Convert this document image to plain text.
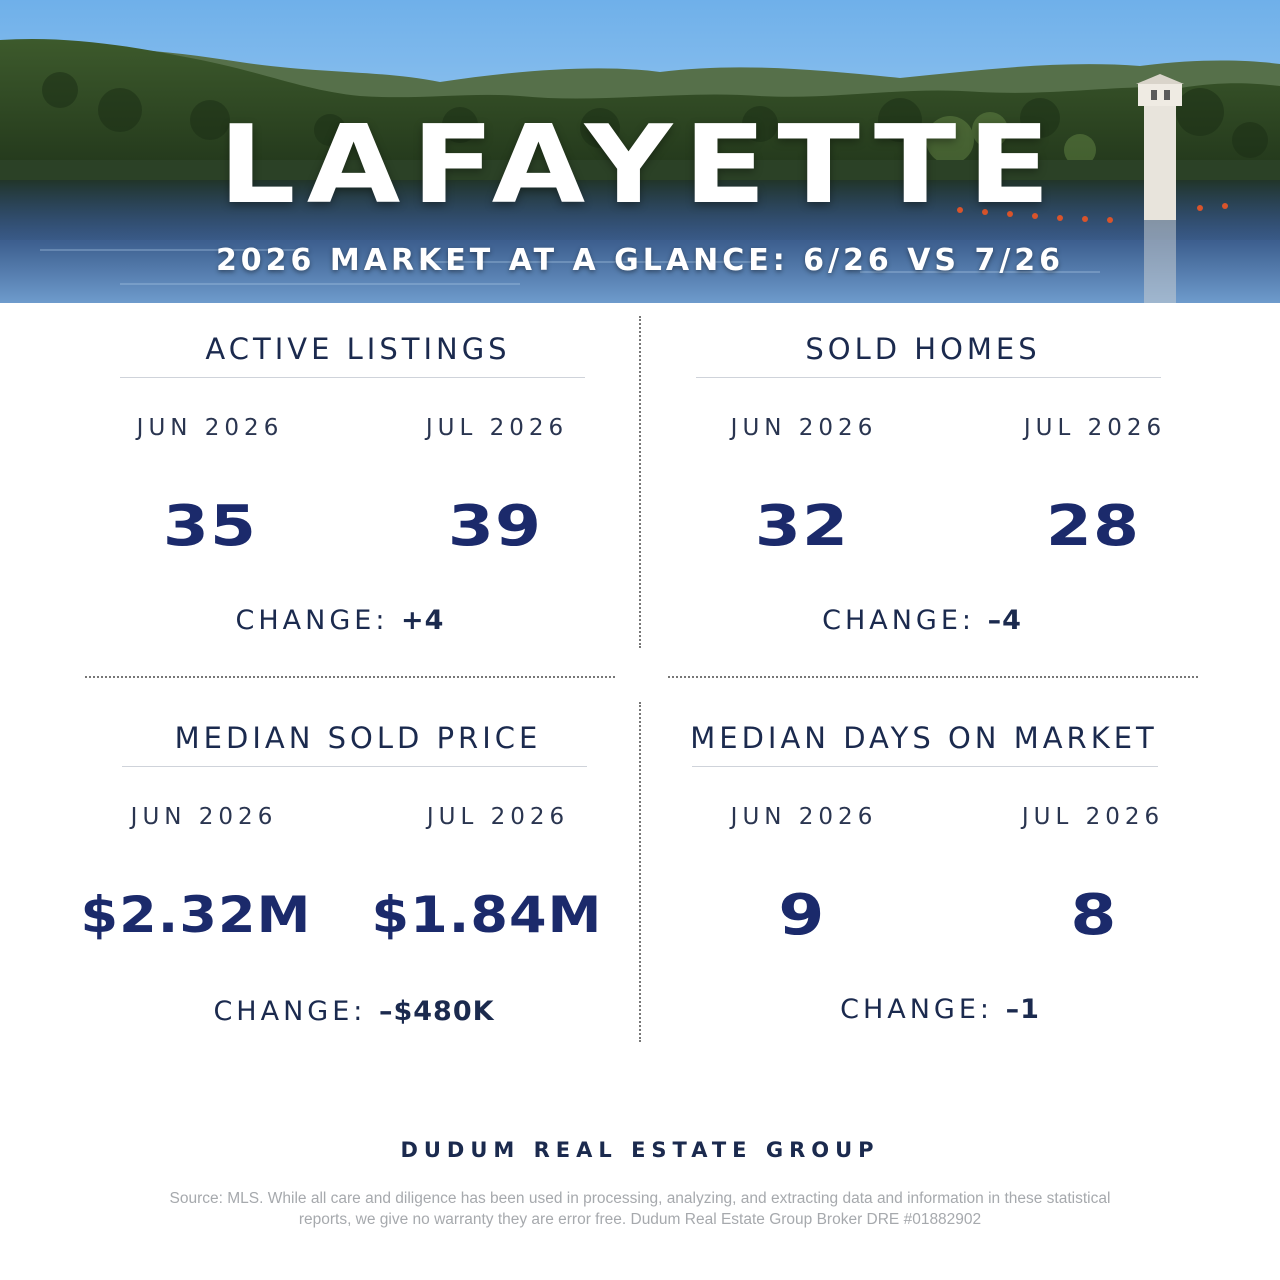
LAFAYETTE
2026 MARKET AT A GLANCE: 6/26 VS 7/26
ACTIVE LISTINGS
JUN 2026	JUL 2026
35	39
CHANGE: +4
SOLD HOMES
JUN 2026	JUL 2026
32	28
CHANGE: –4
MEDIAN SOLD PRICE
JUN 2026	JUL 2026
$2.32M	$1.84M
CHANGE: –$480K
MEDIAN DAYS ON MARKET
JUN 2026	JUL 2026
9	8
CHANGE: –1
DUDUM REAL ESTATE GROUP
Source: MLS. While all care and diligence has been used in processing, analyzing, and extracting data and information in these statistical reports, we give no warranty they are error free. Dudum Real Estate Group Broker DRE #01882902
